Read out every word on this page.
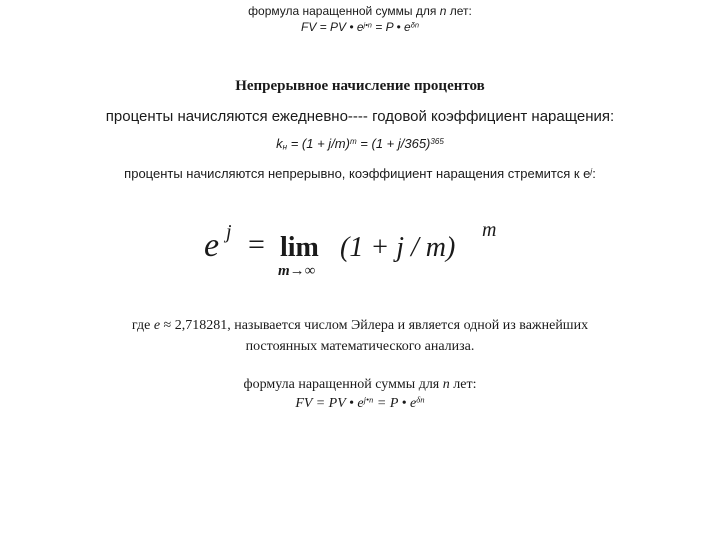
формула наращенной суммы для n лет:
FV = PV • $e^{j•n} = P$ • $e^{\delta n}$
Непрерывное начисление процентов
проценты начисляются ежедневно---- годовой коэффициент наращения:
$k_н = (1 + j/m)^m = (1 + j/365)^{365}$
проценты начисляются непрерывно, коэффициент наращения стремится к $e^j$:
e j = lim (1 + j / m)
m
m→∞
где e ≈ 2,718281, называется числом Эйлера и является одной из важнейших
постоянных математического анализа.
формула наращенной суммы для n лет:
FV = PV • $e^{j•n} = P$ • $e^{\delta n}$
